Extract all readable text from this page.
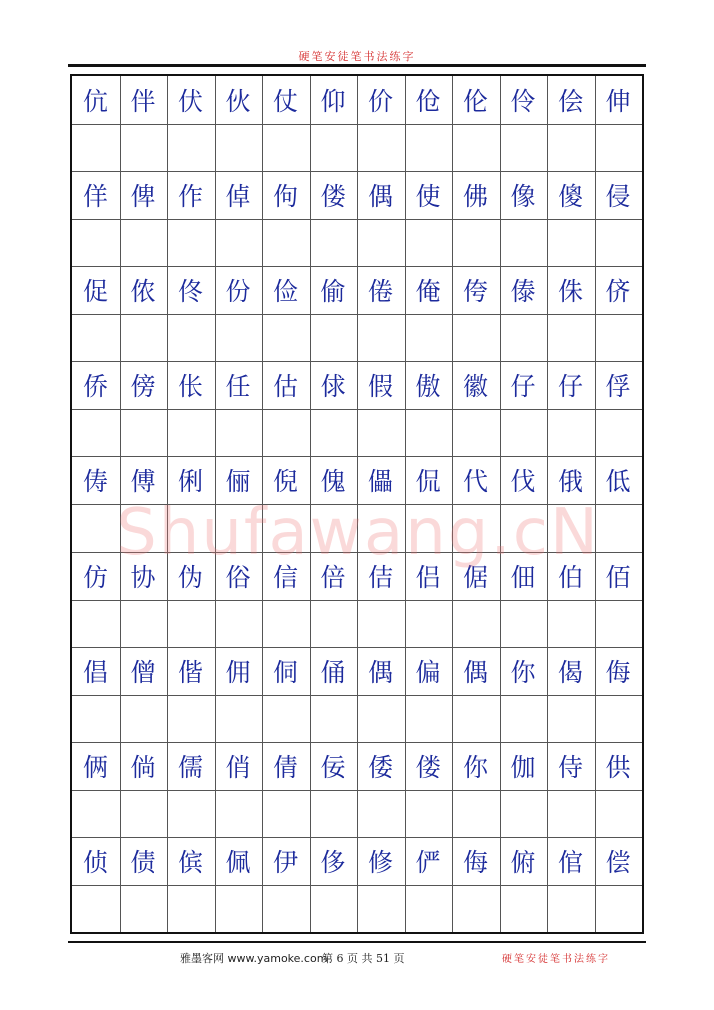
硬笔安徒笔书法练字
伉 伴 伏 伙 仗 仰 价 伧 伦 伶 侩 伸
佯 俾 作 倬 佝 偻 偶 使 佛 像 傻 侵
促 侬 佟 份 俭 偷 倦 俺 侉 傣 侏 侪
侨 傍 伥 任 估 俅 假 傲 徽 仔 仔 俘
俦 傅 俐 俪 倪 傀 儡 侃 代 伐 俄 低
仿 协 伪 俗 信 倍 佶 侣 倨 佃 伯 佰
倡 僧 偕 佣 侗 俑 偶 偏 偶 你 偈 侮
俩 倘 儒 俏 倩 佞 倭 偻 你 伽 侍 供
侦 债 傧 佩 伊 侈 修 俨 侮 俯 倌 偿
Shufawang.cN
雅墨客网 www.yamoke.com
第 6 页 共 51 页	硬笔安徒笔书法练字
